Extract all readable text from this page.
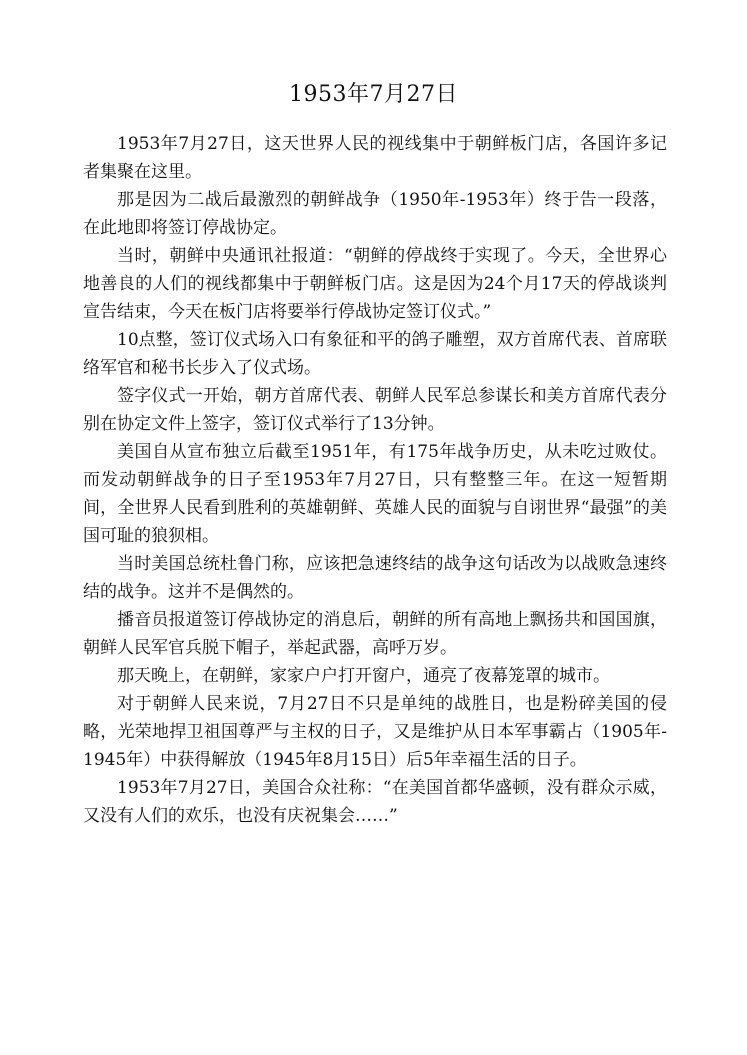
1953年7月27日

1953年7月27日，这天世界人民的视线集中于朝鲜板门店，各国许多记者集聚在这里。

那是因为二战后最激烈的朝鲜战争（1950年-1953年）终于告一段落，在此地即将签订停战协定。

当时，朝鲜中央通讯社报道：“朝鲜的停战终于实现了。今天，全世界心地善良的人们的视线都集中于朝鲜板门店。这是因为24个月17天的停战谈判宣告结束，今天在板门店将要举行停战协定签订仪式。”

10点整，签订仪式场入口有象征和平的鸽子雕塑，双方首席代表、首席联络军官和秘书长步入了仪式场。

签字仪式一开始，朝方首席代表、朝鲜人民军总参谋长和美方首席代表分别在协定文件上签字，签订仪式举行了13分钟。

美国自从宣布独立后截至1951年，有175年战争历史，从未吃过败仗。而发动朝鲜战争的日子至1953年7月27日，只有整整三年。在这一短暂期间，全世界人民看到胜利的英雄朝鲜、英雄人民的面貌与自诩世界“最强”的美国可耻的狼狈相。

当时美国总统杜鲁门称，应该把急速终结的战争这句话改为以战败急速终结的战争。这并不是偶然的。

播音员报道签订停战协定的消息后，朝鲜的所有高地上飘扬共和国国旗，朝鲜人民军官兵脱下帽子，举起武器，高呼万岁。

那天晚上，在朝鲜，家家户户打开窗户，通亮了夜幕笼罩的城市。

对于朝鲜人民来说，7月27日不只是单纯的战胜日，也是粉碎美国的侵略，光荣地捍卫祖国尊严与主权的日子，又是维护从日本军事霸占（1905年-1945年）中获得解放（1945年8月15日）后5年幸福生活的日子。

1953年7月27日，美国合众社称：“在美国首都华盛顿，没有群众示威，又没有人们的欢乐，也没有庆祝集会……”
